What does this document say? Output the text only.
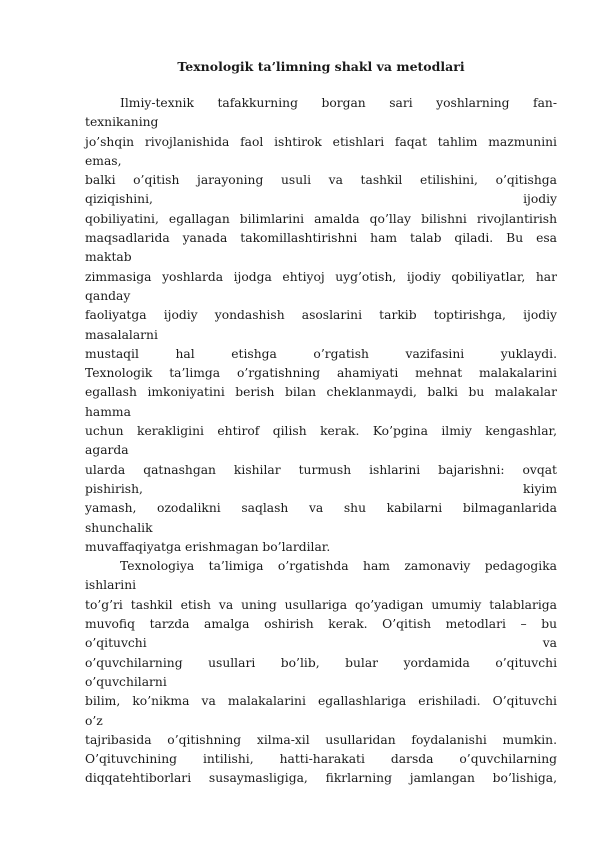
Texnologik ta’limning shakl va metodlari
Ilmiy-texnik tafakkurning borgan sari yoshlarning fan-
texnikaning
jo’shqin rivojlanishida faol ishtirok etishlari faqat tahlim mazmunini
emas,
balki o’qitish jarayoning usuli va tashkil etilishini, o’qitishga
qiziqishini, ijodiy
qobiliyatini, egallagan bilimlarini amalda qo’llay bilishni rivojlantirish
maqsadlarida yanada takomillashtirishni ham talab qiladi. Bu esa
maktab
zimmasiga yoshlarda ijodga ehtiyoj uyg’otish, ijodiy qobiliyatlar, har
qanday
faoliyatga ijodiy yondashish asoslarini tarkib toptirishga, ijodiy
masalalarni
mustaqil hal etishga o’rgatish vazifasini yuklaydi.
Texnologik ta’limga o’rgatishning ahamiyati mehnat malakalarini
egallash imkoniyatini berish bilan cheklanmaydi, balki bu malakalar
hamma
uchun kerakligini ehtirof qilish kerak. Ko’pgina ilmiy kengashlar,
agarda
ularda qatnashgan kishilar turmush ishlarini bajarishni: ovqat
pishirish, kiyim
yamash, ozodalikni saqlash va shu kabilarni bilmaganlarida
shunchalik
muvaffaqiyatga erishmagan bo’lardilar.
Texnologiya ta’limiga o’rgatishda ham zamonaviy pedagogika
ishlarini
to’g’ri tashkil etish va uning usullariga qo’yadigan umumiy talablariga
muvofiq tarzda amalga oshirish kerak. O’qitish metodlari – bu
o’qituvchi va
o’quvchilarning usullari bo’lib, bular yordamida o’qituvchi
o’quvchilarni
bilim, ko’nikma va malakalarini egallashlariga erishiladi. O’qituvchi
o’z
tajribasida o’qitishning xilma-xil usullaridan foydalanishi mumkin.
O’qituvchining intilishi, hatti-harakati darsda o’quvchilarning
diqqatehtiborlari susaymasligiga, fikrlarning jamlangan bo’lishiga,
